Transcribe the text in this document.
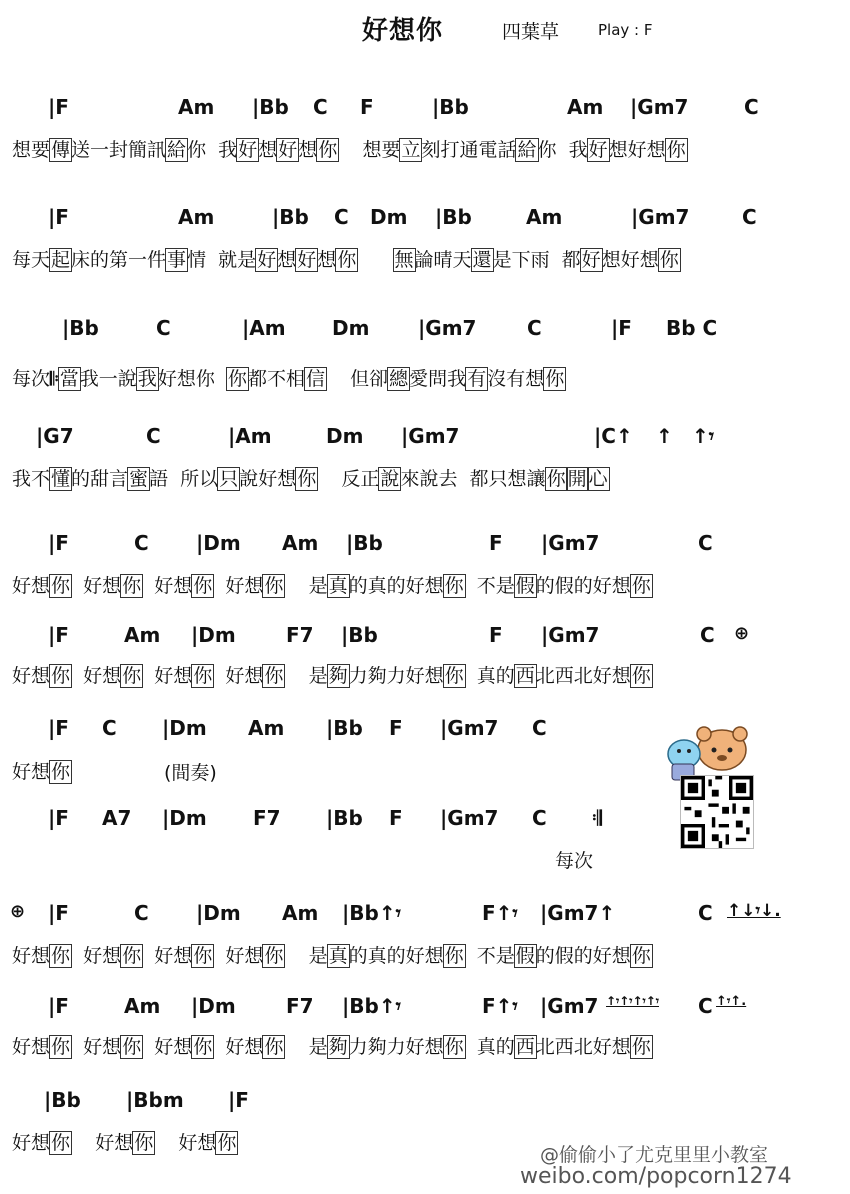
好想你	四葉草	Play : F
|F	Am |Bb C F	|Bb	Am |Gm7	C
想要傳送一封簡訊給你 我好想好想你 想要立刻打通電話給你 我好想好想你
|F	Am	|Bb C Dm |Bb	Am	|Gm7	C
每天起床的第一件事情 就是好想好想你 無論晴天還是下雨 都好想好想你
|Bb	C	|Am Dm |Gm7	C	|F Bb C
每次𝄆當我一說我好想你 你都不相信 但卻總愛問我有沒有想你
|G7	C	|Am	Dm |Gm7	|C↑ ↑ ↑𝄾
我不懂的甜言蜜語 所以只說好想你 反正說來說去 都只想讓你 開 心
|F	C |Dm Am |Bb	F |Gm7	C
好想你 好想你 好想你 好想你 是真的真的好想你 不是假的假的好想你
|F	Am |Dm	F7 |Bb	F |Gm7	C ⊕
好想你 好想你 好想你 好想你 是夠力夠力好想你 真的西北西北好想你
|F C |Dm Am |Bb F |Gm7 C
好想你	(間奏)
|F A7 |Dm F7 |Bb F |Gm7 C 𝄇
每次
⊕ |F	C |Dm Am |Bb↑𝄾	F↑𝄾 |Gm7↑	C ↑↓𝄾↓.
好想你 好想你 好想你 好想你 是真的真的好想你 不是假的假的好想你
|F	Am |Dm	F7 |Bb↑𝄾	F↑𝄾 |Gm7 ↑𝄾↑𝄾↑𝄾↑𝄾 C ↑𝄾↑.
好想你 好想你 好想你 好想你 是夠力夠力好想你 真的西北西北好想你
|Bb |Bbm |F
好想你 好想你 好想你
@偷偷小了尤克里里小教室
weibo.com/popcorn1274
